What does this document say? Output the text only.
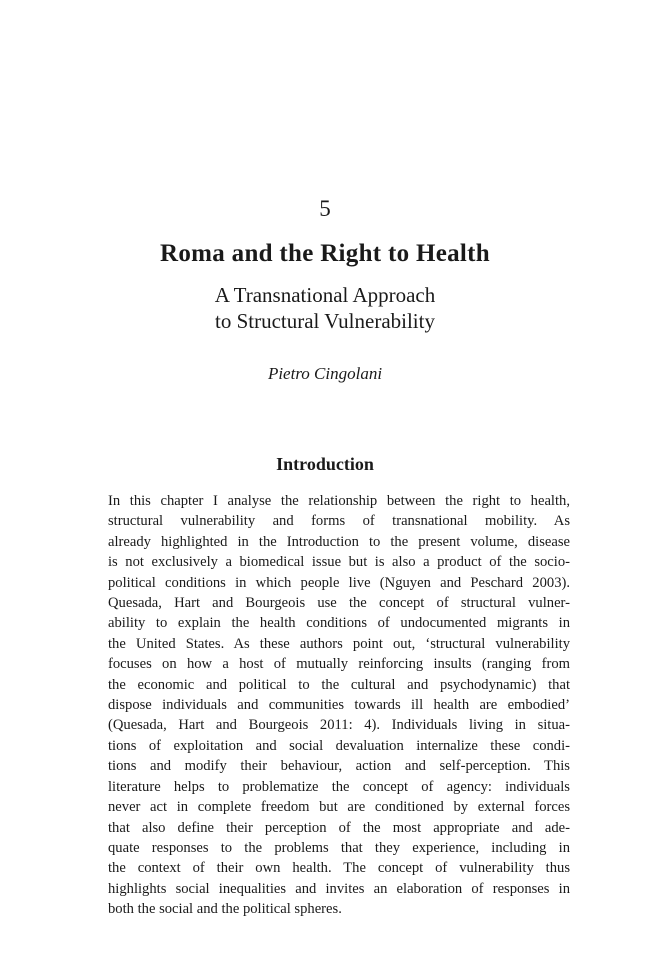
5
Roma and the Right to Health
A Transnational Approach
to Structural Vulnerability
Pietro Cingolani
Introduction
In this chapter I analyse the relationship between the right to health,
structural vulnerability and forms of transnational mobility. As
already highlighted in the Introduction to the present volume, disease
is not exclusively a biomedical issue but is also a product of the socio-
political conditions in which people live (Nguyen and Peschard 2003).
Quesada, Hart and Bourgeois use the concept of structural vulner-
ability to explain the health conditions of undocumented migrants in
the United States. As these authors point out, ‘structural vulnerability
focuses on how a host of mutually reinforcing insults (ranging from
the economic and political to the cultural and psychodynamic) that
dispose individuals and communities towards ill health are embodied’
(Quesada, Hart and Bourgeois 2011: 4). Individuals living in situa-
tions of exploitation and social devaluation internalize these condi-
tions and modify their behaviour, action and self-perception. This
literature helps to problematize the concept of agency: individuals
never act in complete freedom but are conditioned by external forces
that also define their perception of the most appropriate and ade-
quate responses to the problems that they experience, including in
the context of their own health. The concept of vulnerability thus
highlights social inequalities and invites an elaboration of responses in
both the social and the political spheres.
